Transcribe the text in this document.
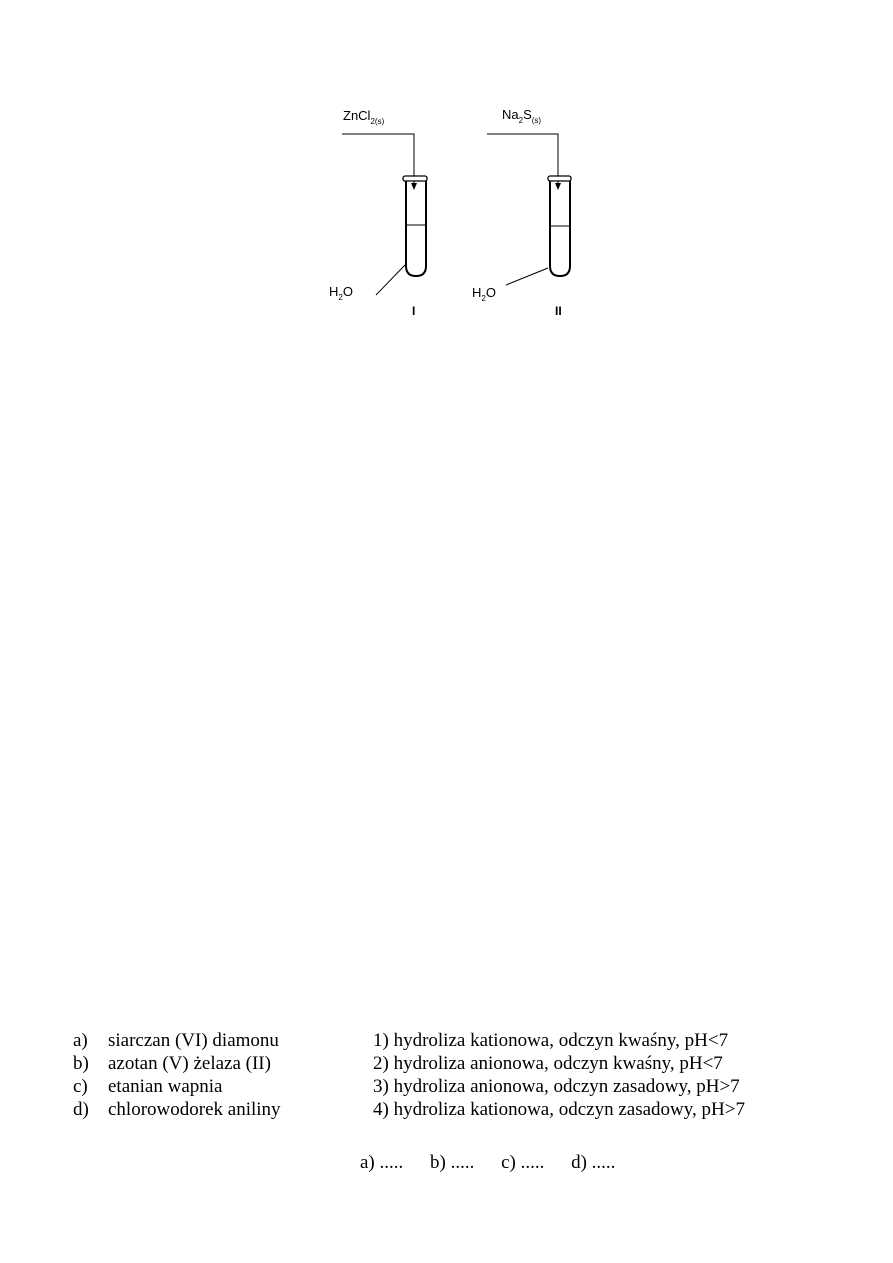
ZnCl$_{2(s)}$
$H_2O$
I
$Na_2S_{(s)}$
$H_2O$
II
a) siarczan (VI) diamonu	1) hydroliza kationowa, odczyn kwaśny, pH<7
b) azotan (V) żelaza (II)	2) hydroliza anionowa, odczyn kwaśny, pH<7
c) etanian wapnia	3) hydroliza anionowa, odczyn zasadowy, pH>7
d) chlorowodorek aniliny	4) hydroliza kationowa, odczyn zasadowy, pH>7
a) ..... b) ..... c) ..... d) .....
